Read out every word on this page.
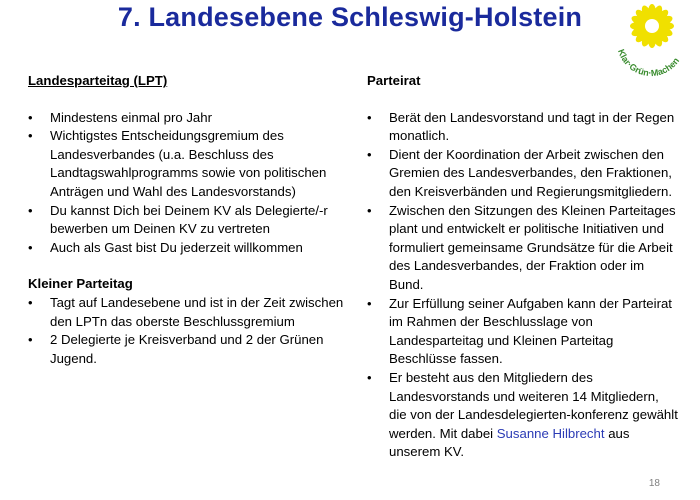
7. Landesebene Schleswig-Holstein
Klar·Grün·Machen
Landesparteitag (LPT)
• Mindestens einmal pro Jahr
• Wichtigstes Entscheidungsgremium des Landesverbandes (u.a. Beschluss des Landtagswahlprogramms sowie von politischen Anträgen und Wahl des Landesvorstands)
• Du kannst Dich bei Deinem KV als Delegierte/-r bewerben um Deinen KV zu vertreten
• Auch als Gast bist Du jederzeit willkommen
Kleiner Parteitag
• Tagt auf Landesebene und ist in der Zeit zwischen den LPTn das oberste Beschlussgremium
• 2 Delegierte je Kreisverband und 2 der Grünen Jugend.
Parteirat
• Berät den Landesvorstand und tagt in der Regen monatlich.
• Dient der Koordination der Arbeit zwischen den Gremien des Landesverbandes, den Fraktionen, den Kreisverbänden und Regierungsmitgliedern.
• Zwischen den Sitzungen des Kleinen Parteitages plant und entwickelt er politische Initiativen und formuliert gemeinsame Grundsätze für die Arbeit des Landesverbandes, der Fraktion oder im Bund.
• Zur Erfüllung seiner Aufgaben kann der Parteirat im Rahmen der Beschlusslage von Landesparteitag und Kleinen Parteitag Beschlüsse fassen.
• Er besteht aus den Mitgliedern des Landesvorstands und weiteren 14 Mitgliedern, die von der Landesdelegierten-konferenz gewählt werden. Mit dabei Susanne Hilbrecht aus unserem KV.
18
